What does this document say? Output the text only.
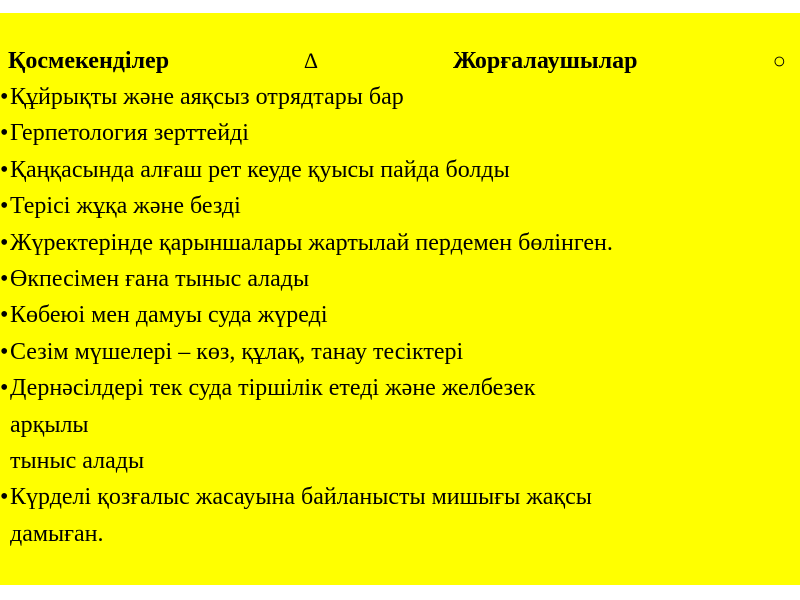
Қосмекенділер	∆	Жорғалаушылар	○
•Құйрықты және аяқсыз отрядтары бар
•Герпетология зерттейді
•Қаңқасында алғаш рет кеуде қуысы пайда болды
•Терісі жұқа және безді
•Жүректерінде қарыншалары жартылай пердемен бөлінген.
•Өкпесімен ғана тыныс алады
•Көбеюі мен дамуы суда жүреді
•Сезім мүшелері – көз, құлақ, танау тесіктері
•Дернәсілдері тек суда тіршілік етеді және желбезек
арқылы
тыныс алады
•Күрделі қозғалыс жасауына байланысты мишығы жақсы
дамыған.
